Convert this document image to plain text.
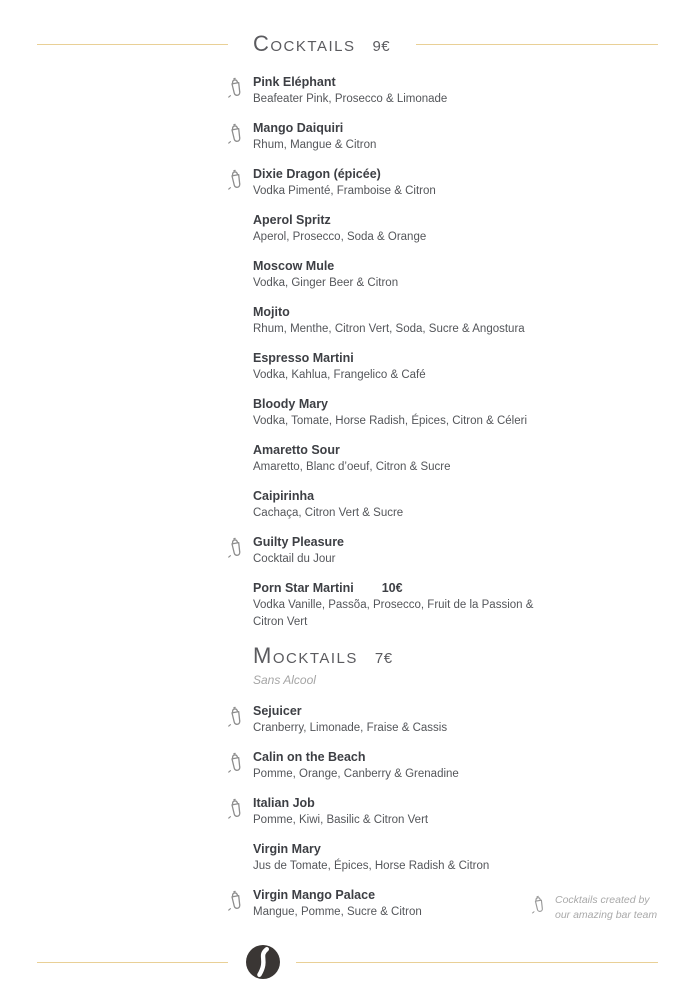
Cocktails 9€
Pink Eléphant
Beafeater Pink, Prosecco & Limonade
Mango Daiquiri
Rhum, Mangue & Citron
Dixie Dragon (épicée)
Vodka Pimenté, Framboise & Citron
Aperol Spritz
Aperol, Prosecco, Soda & Orange
Moscow Mule
Vodka, Ginger Beer & Citron
Mojito
Rhum, Menthe, Citron Vert, Soda, Sucre & Angostura
Espresso Martini
Vodka, Kahlua, Frangelico & Café
Bloody Mary
Vodka, Tomate, Horse Radish, Épices, Citron & Céleri
Amaretto Sour
Amaretto, Blanc d’oeuf, Citron & Sucre
Caipirinha
Cachaça, Citron Vert & Sucre
Guilty Pleasure
Cocktail du Jour
Porn Star Martini 10€
Vodka Vanille, Passõa, Prosecco, Fruit de la Passion & Citron Vert
Mocktails 7€
Sans Alcool
Sejuicer
Cranberry, Limonade, Fraise & Cassis
Calin on the Beach
Pomme, Orange, Canberry & Grenadine
Italian Job
Pomme, Kiwi, Basilic & Citron Vert
Virgin Mary
Jus de Tomate, Épices, Horse Radish & Citron
Virgin Mango Palace
Mangue, Pomme, Sucre & Citron
Cocktails created by
our amazing bar team
